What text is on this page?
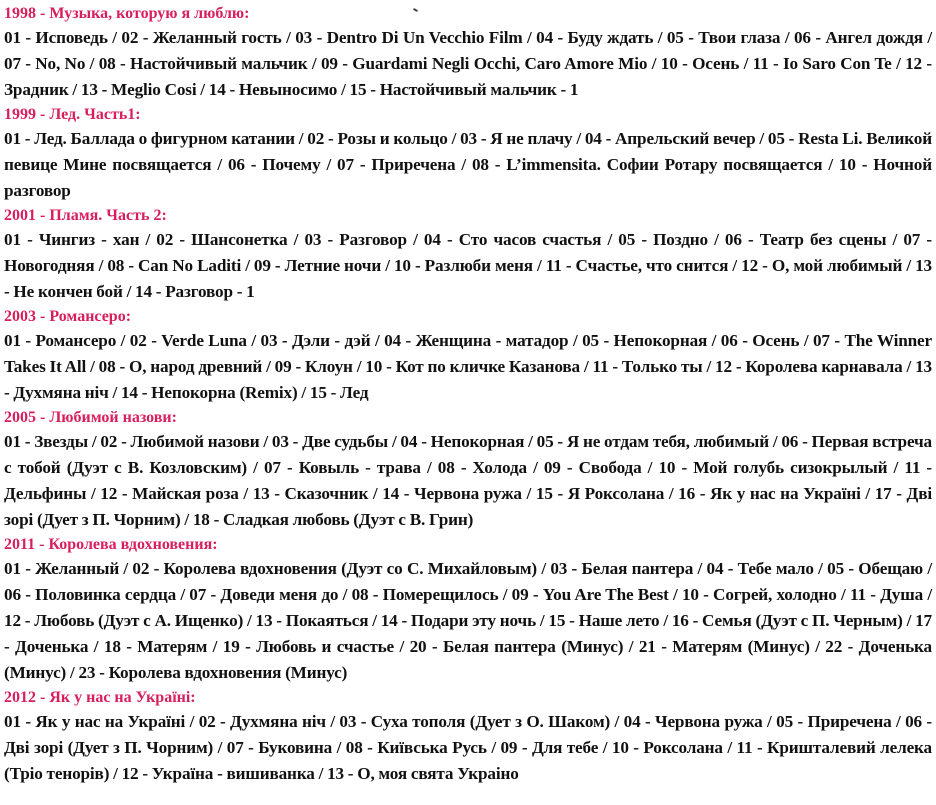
1998 - Музыка, которую я люблю:
01 - Исповедь / 02 - Желанный гость / 03 - Dentro Di Un Vecchio Film / 04 - Буду ждать / 05 - Твои глаза / 06 - Ангел дождя / 07 - No, No / 08 - Настойчивый мальчик / 09 - Guardami Negli Occhi, Caro Amore Mio / 10 - Осень / 11 - Io Saro Con Te / 12 - Зрадник / 13 - Meglio Cosi / 14 - Невыносимо / 15 - Настойчивый мальчик - 1
1999 - Лед. Часть1:
01 - Лед. Баллада о фигурном катании / 02 - Розы и кольцо / 03 - Я не плачу / 04 - Апрельский вечер / 05 - Resta Li. Великой певице Мине посвящается / 06 - Почему / 07 - Приречена / 08 - L’immensita. Софии Ротару посвящается / 10 - Ночной разговор
2001 - Пламя. Часть 2:
01 - Чингиз - хан / 02 - Шансонетка / 03 - Разговор / 04 - Сто часов счастья / 05 - Поздно / 06 - Театр без сцены / 07 - Новогодняя / 08 - Can No Laditi / 09 - Летние ночи / 10 - Разлюби меня / 11 - Счастье, что снится / 12 - О, мой любимый / 13 - Не кончен бой / 14 - Разговор - 1
2003 - Романсеро:
01 - Романсеро / 02 - Verde Luna / 03 - Дэли - дэй / 04 - Женщина - матадор / 05 - Непокорная / 06 - Осень / 07 - The Winner Takes It All / 08 - О, народ древний / 09 - Клоун / 10 - Кот по кличке Казанова / 11 - Только ты / 12 - Королева карнавала / 13 - Духмяна ніч / 14 - Непокорна (Remix) / 15 - Лед
2005 - Любимой назови:
01 - Звезды / 02 - Любимой назови / 03 - Две судьбы / 04 - Непокорная / 05 - Я не отдам тебя, любимый / 06 - Первая встреча с тобой (Дуэт с В. Козловским) / 07 - Ковыль - трава / 08 - Холода / 09 - Свобода / 10 - Мой голубь сизокрылый / 11 - Дельфины / 12 - Майская роза / 13 - Сказочник / 14 - Червона ружа / 15 - Я Роксолана / 16 - Як у нас на Україні / 17 - Дві зорі (Дует з П. Чорним) / 18 - Сладкая любовь (Дуэт с В. Грин)
2011 - Королева вдохновения:
01 - Желанный / 02 - Королева вдохновения (Дуэт со С. Михайловым) / 03 - Белая пантера / 04 - Тебе мало / 05 - Обещаю / 06 - Половинка сердца / 07 - Доведи меня до / 08 - Померещилось / 09 - You Are The Best / 10 - Согрей, холодно / 11 - Душа / 12 - Любовь (Дуэт с А. Ищенко) / 13 - Покаяться / 14 - Подари эту ночь / 15 - Наше лето / 16 - Семья (Дуэт с П. Черным) / 17 - Доченька / 18 - Матерям / 19 - Любовь и счастье / 20 - Белая пантера (Минус) / 21 - Матерям (Минус) / 22 - Доченька (Минус) / 23 - Королева вдохновения (Минус)
2012 - Як у нас на Україні:
01 - Як у нас на Україні / 02 - Духмяна ніч / 03 - Суха тополя (Дует з О. Шаком) / 04 - Червона ружа / 05 - Приречена / 06 - Дві зорі (Дует з П. Чорним) / 07 - Буковина / 08 - Київська Русь / 09 - Для тебе / 10 - Роксолана / 11 - Кришталевий лелека (Тріо тенорів) / 12 - Україна - вишиванка / 13 - О, моя свята Украіно
